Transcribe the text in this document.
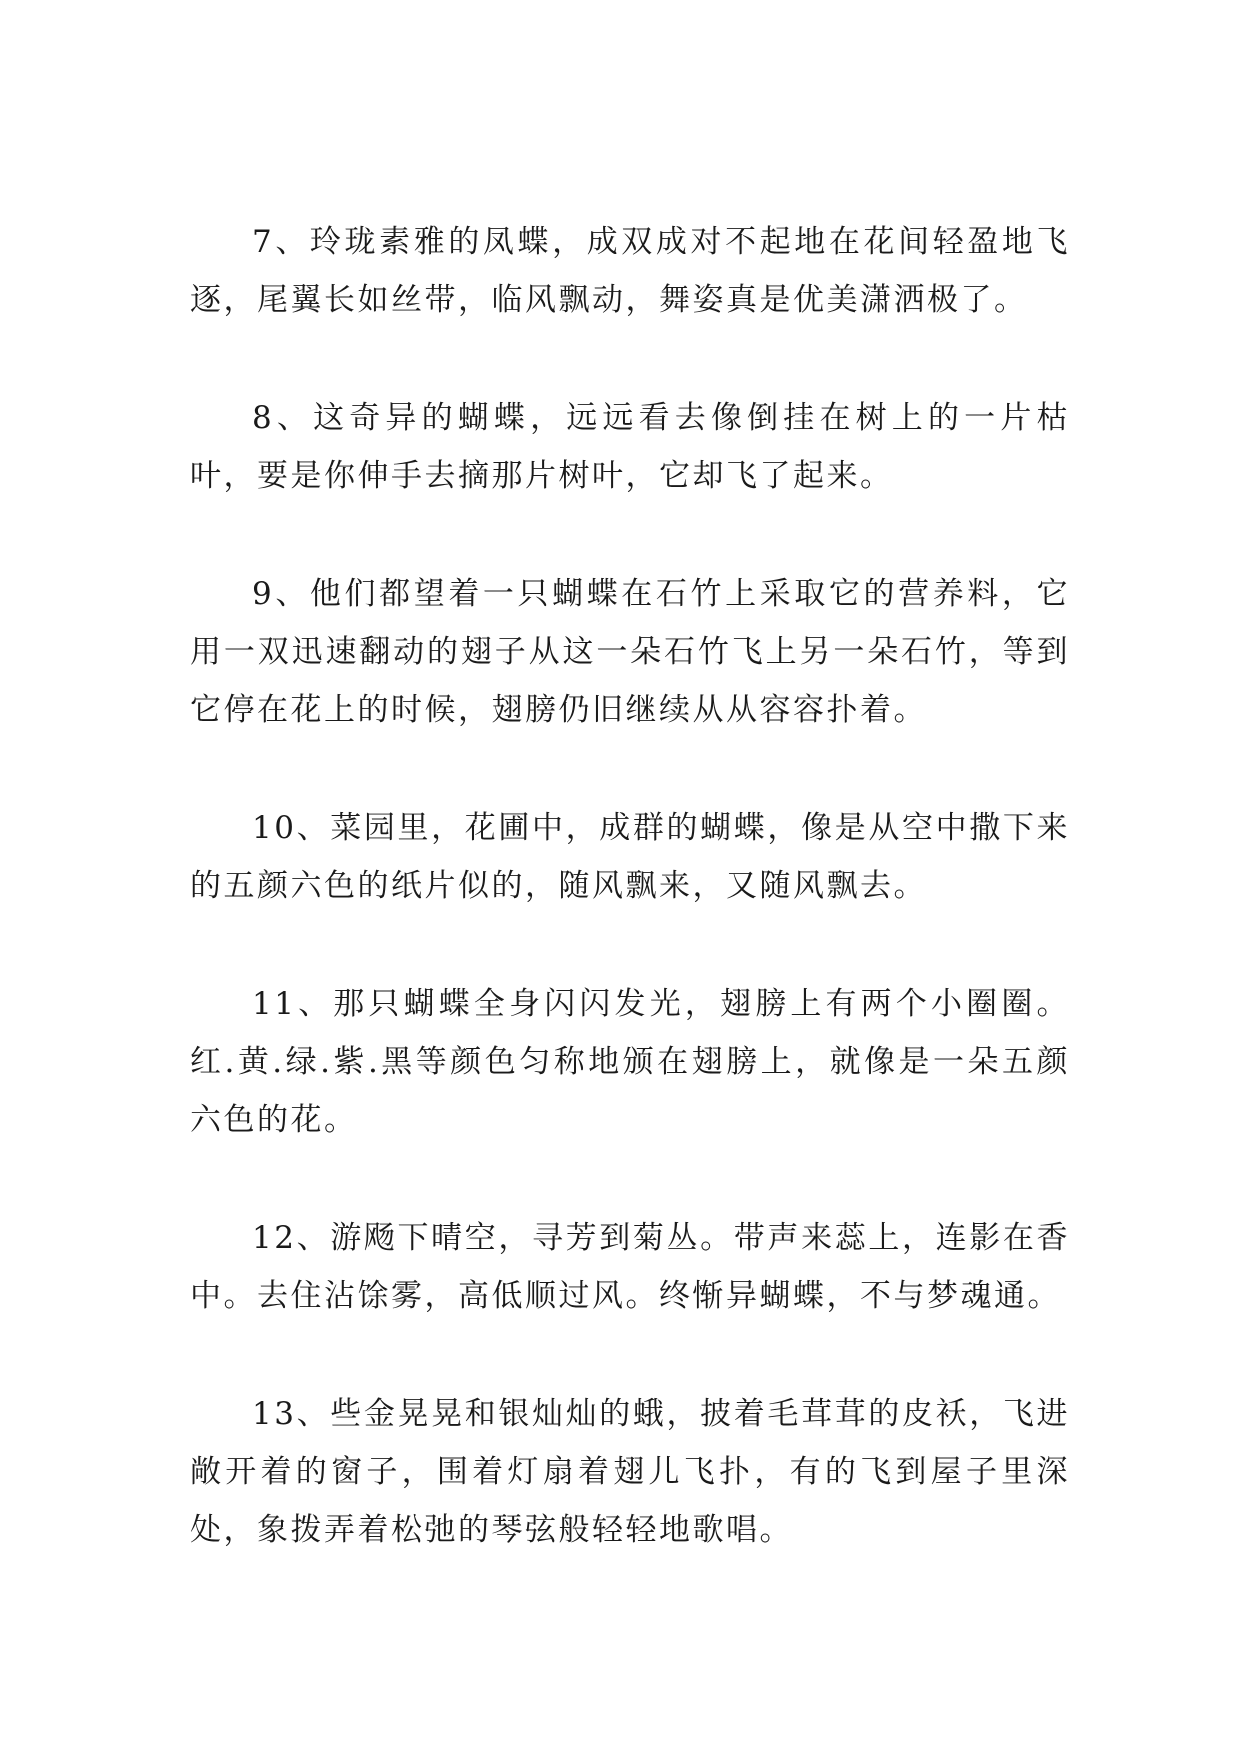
7、玲珑素雅的凤蝶，成双成对不起地在花间轻盈地飞逐，尾翼长如丝带，临风飘动，舞姿真是优美潇洒极了。

8、这奇异的蝴蝶，远远看去像倒挂在树上的一片枯叶，要是你伸手去摘那片树叶，它却飞了起来。

9、他们都望着一只蝴蝶在石竹上采取它的营养料，它用一双迅速翻动的翅子从这一朵石竹飞上另一朵石竹，等到它停在花上的时候，翅膀仍旧继续从从容容扑着。

10、菜园里，花圃中，成群的蝴蝶，像是从空中撒下来的五颜六色的纸片似的，随风飘来，又随风飘去。

11、那只蝴蝶全身闪闪发光，翅膀上有两个小圈圈。红.黄.绿.紫.黑等颜色匀称地颁在翅膀上，就像是一朵五颜六色的花。

12、游飏下晴空，寻芳到菊丛。带声来蕊上，连影在香中。去住沾馀雾，高低顺过风。终惭异蝴蝶，不与梦魂通。

13、些金晃晃和银灿灿的蛾，披着毛茸茸的皮袄，飞进敞开着的窗子，围着灯扇着翅儿飞扑，有的飞到屋子里深处，象拨弄着松弛的琴弦般轻轻地歌唱。
